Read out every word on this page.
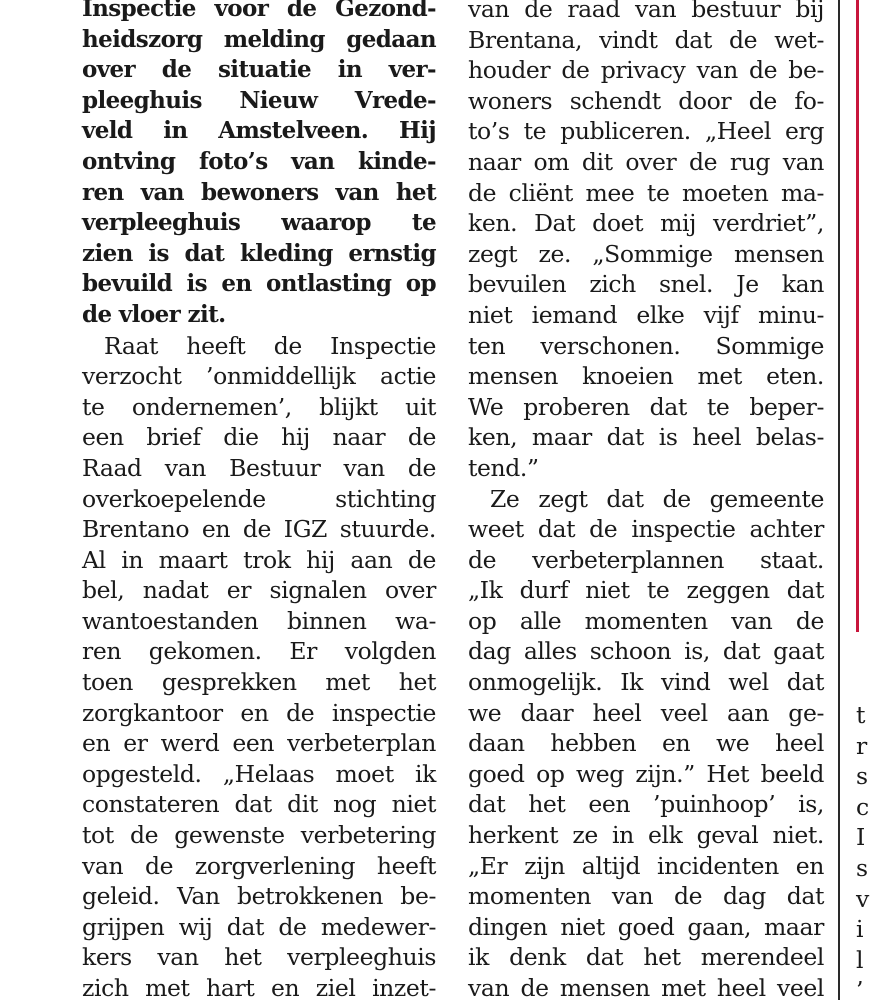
Inspectie voor de Gezond-
heidszorg melding gedaan
over de situatie in ver-
pleeghuis Nieuw Vrede-
veld in Amstelveen. Hij
ontving foto’s van kinde-
ren van bewoners van het
verpleeghuis waarop te
zien is dat kleding ernstig
bevuild is en ontlasting op
de vloer zit.
Raat heeft de Inspectie
verzocht ’onmiddellijk actie
te ondernemen’, blijkt uit
een brief die hij naar de
Raad van Bestuur van de
overkoepelende stichting
Brentano en de IGZ stuurde.
Al in maart trok hij aan de
bel, nadat er signalen over
wantoestanden binnen wa-
ren gekomen. Er volgden
toen gesprekken met het
zorgkantoor en de inspectie
en er werd een verbeterplan
opgesteld. „Helaas moet ik
constateren dat dit nog niet
tot de gewenste verbetering
van de zorgverlening heeft
geleid. Van betrokkenen be-
grijpen wij dat de medewer-
kers van het verpleeghuis
zich met hart en ziel inzet-
van de raad van bestuur bij
Brentana, vindt dat de wet-
houder de privacy van de be-
woners schendt door de fo-
to’s te publiceren. „Heel erg
naar om dit over de rug van
de cliënt mee te moeten ma-
ken. Dat doet mij verdriet”,
zegt ze. „Sommige mensen
bevuilen zich snel. Je kan
niet iemand elke vijf minu-
ten verschonen. Sommige
mensen knoeien met eten.
We proberen dat te beper-
ken, maar dat is heel belas-
tend.”
Ze zegt dat de gemeente
weet dat de inspectie achter
de verbeterplannen staat.
„Ik durf niet te zeggen dat
op alle momenten van de
dag alles schoon is, dat gaat
onmogelijk. Ik vind wel dat
we daar heel veel aan ge-
daan hebben en we heel
goed op weg zijn.” Het beeld
dat het een ’puinhoop’ is,
herkent ze in elk geval niet.
„Er zijn altijd incidenten en
momenten van de dag dat
dingen niet goed gaan, maar
ik denk dat het merendeel
van de mensen met heel veel
t
r
s
c
I
s
v
i
l
’
